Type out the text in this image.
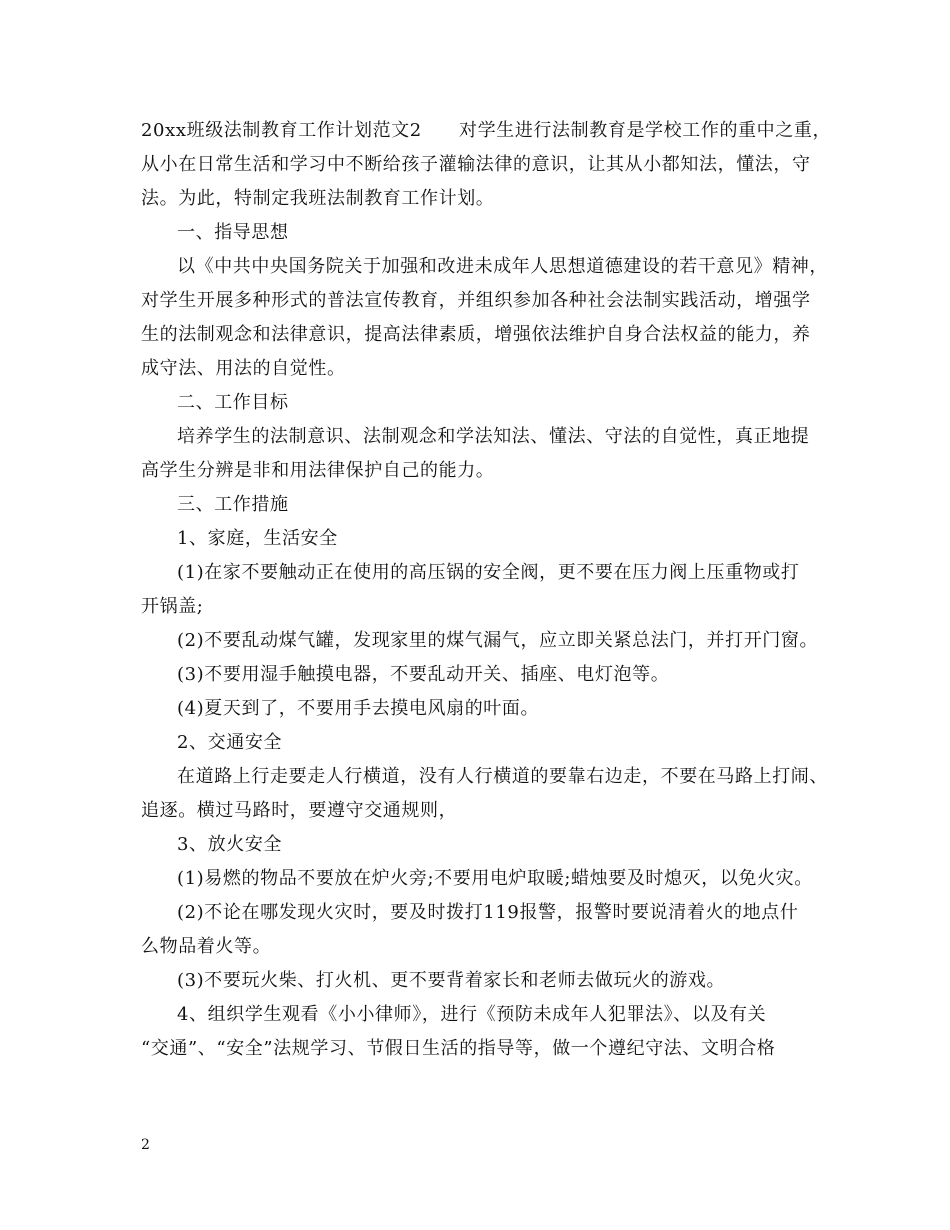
20xx班级法制教育工作计划范文2　　对学生进行法制教育是学校工作的重中之重，
从小在日常生活和学习中不断给孩子灌输法律的意识，让其从小都知法，懂法，守
法。为此，特制定我班法制教育工作计划。
一、指导思想
以《中共中央国务院关于加强和改进未成年人思想道德建设的若干意见》精神，
对学生开展多种形式的普法宣传教育，并组织参加各种社会法制实践活动，增强学
生的法制观念和法律意识，提高法律素质，增强依法维护自身合法权益的能力，养
成守法、用法的自觉性。
二、工作目标
培养学生的法制意识、法制观念和学法知法、懂法、守法的自觉性，真正地提
高学生分辨是非和用法律保护自己的能力。
三、工作措施
1、家庭，生活安全
(1)在家不要触动正在使用的高压锅的安全阀，更不要在压力阀上压重物或打
开锅盖;
(2)不要乱动煤气罐，发现家里的煤气漏气，应立即关紧总法门，并打开门窗。
(3)不要用湿手触摸电器，不要乱动开关、插座、电灯泡等。
(4)夏天到了，不要用手去摸电风扇的叶面。
2、交通安全
在道路上行走要走人行横道，没有人行横道的要靠右边走，不要在马路上打闹、
追逐。横过马路时，要遵守交通规则，
3、放火安全
(1)易燃的物品不要放在炉火旁;不要用电炉取暖;蜡烛要及时熄灭，以免火灾。
(2)不论在哪发现火灾时，要及时拨打119报警，报警时要说清着火的地点什
么物品着火等。
(3)不要玩火柴、打火机、更不要背着家长和老师去做玩火的游戏。
4、组织学生观看《小小律师》，进行《预防未成年人犯罪法》、以及有关
“交通”、“安全”法规学习、节假日生活的指导等，做一个遵纪守法、文明合格
2
